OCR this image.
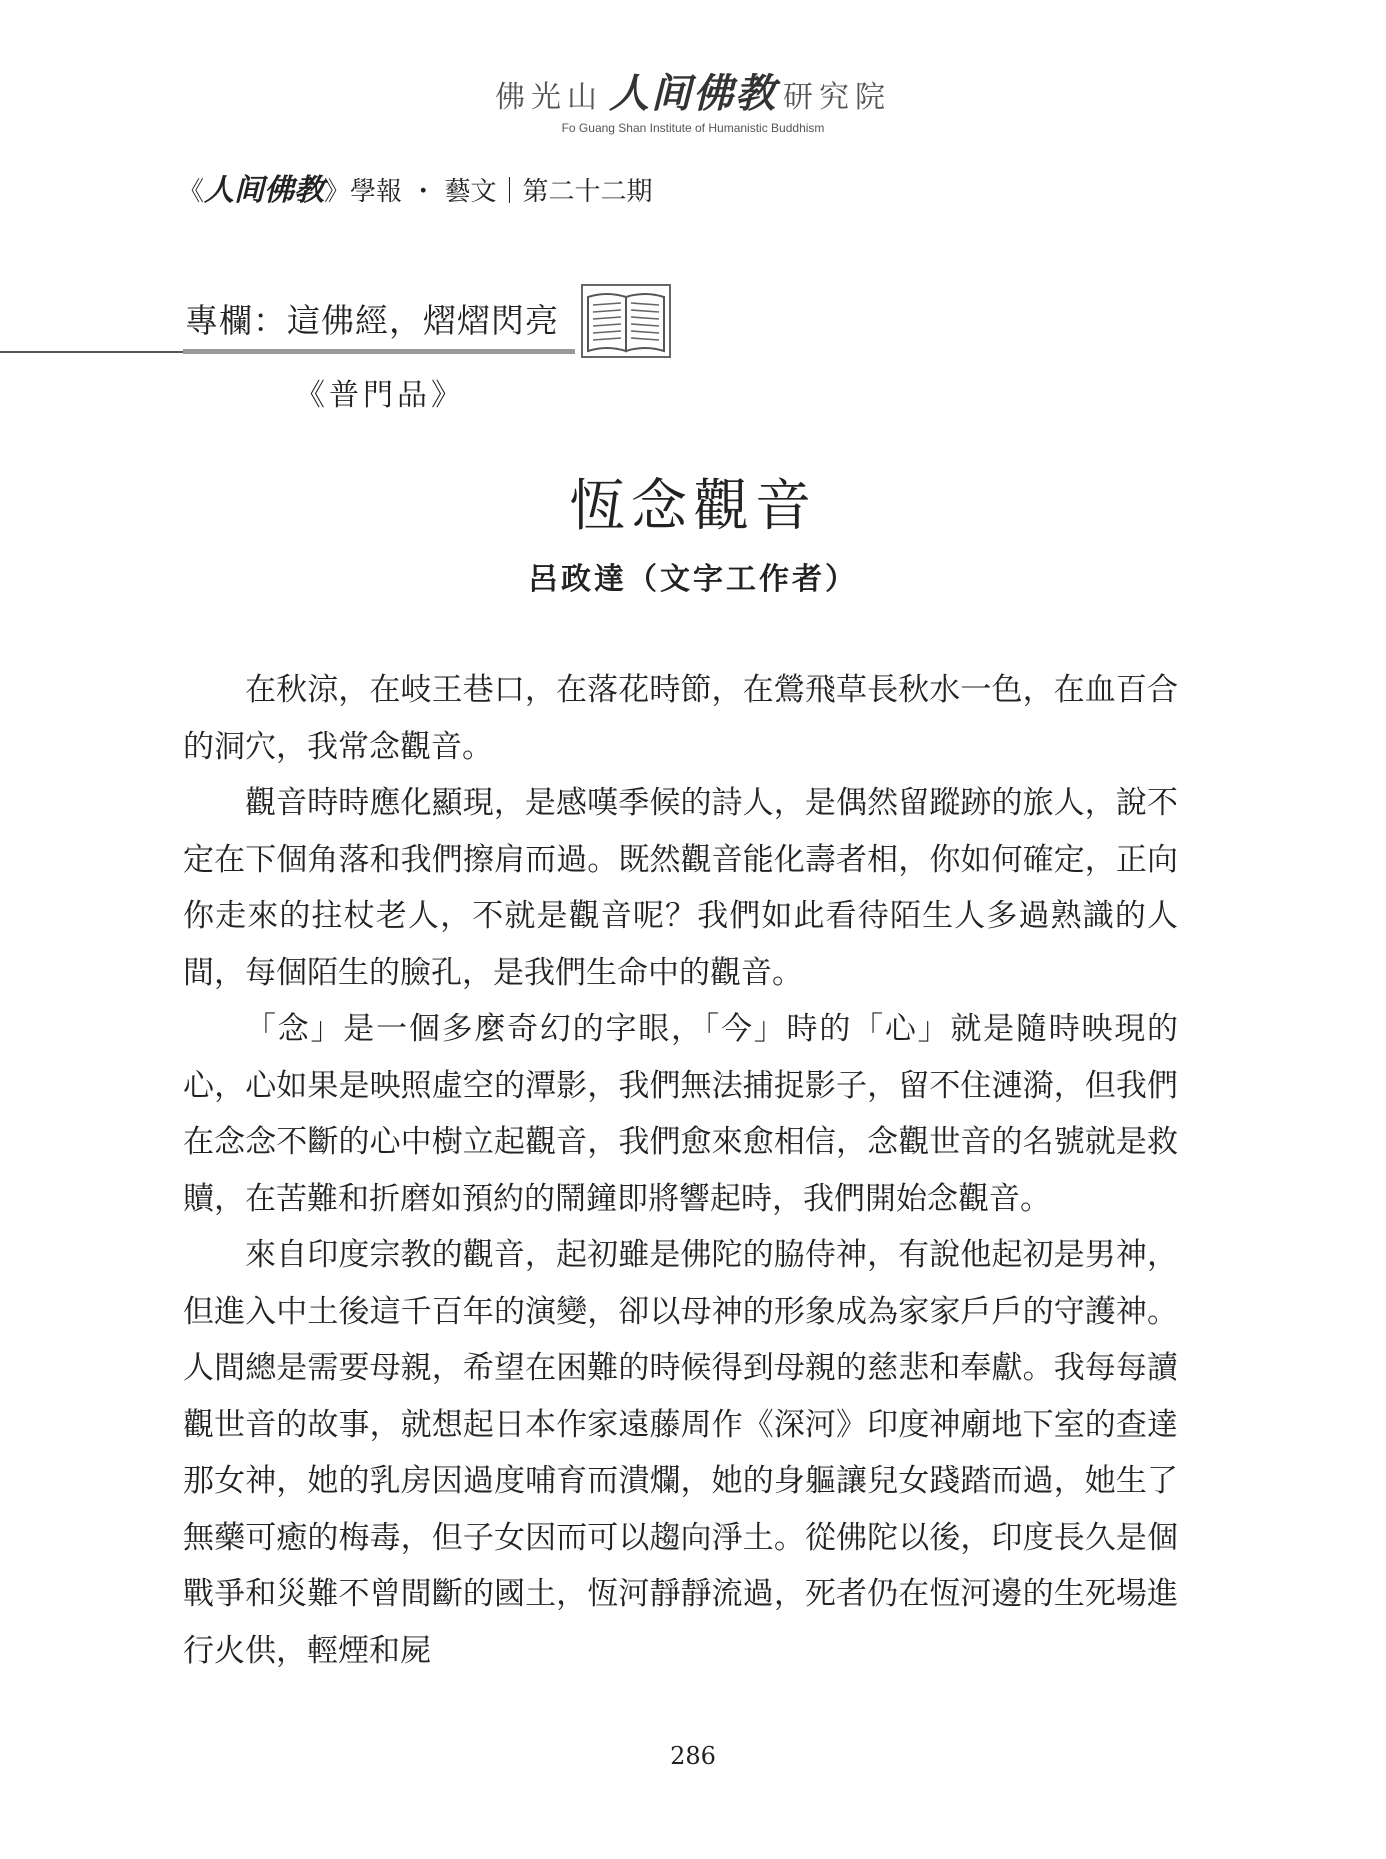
佛光山 人间佛教 研究院
Fo Guang Shan Institute of Humanistic Buddhism
《人间佛教》學報 ・ 藝文｜第二十二期
專欄：這佛經，熠熠閃亮
《普門品》
恆念觀音
呂政達（文字工作者）

在秋涼，在岐王巷口，在落花時節，在鶯飛草長秋水一色，在血百合的洞穴，我常念觀音。

觀音時時應化顯現，是感嘆季候的詩人，是偶然留蹤跡的旅人，說不定在下個角落和我們擦肩而過。既然觀音能化壽者相，你如何確定，正向你走來的拄杖老人，不就是觀音呢？我們如此看待陌生人多過熟識的人間，每個陌生的臉孔，是我們生命中的觀音。

「念」是一個多麼奇幻的字眼，「今」時的「心」就是隨時映現的心，心如果是映照虛空的潭影，我們無法捕捉影子，留不住漣漪，但我們在念念不斷的心中樹立起觀音，我們愈來愈相信，念觀世音的名號就是救贖，在苦難和折磨如預約的鬧鐘即將響起時，我們開始念觀音。

來自印度宗教的觀音，起初雖是佛陀的脇侍神，有說他起初是男神，但進入中土後這千百年的演變，卻以母神的形象成為家家戶戶的守護神。人間總是需要母親，希望在困難的時候得到母親的慈悲和奉獻。我每每讀觀世音的故事，就想起日本作家遠藤周作《深河》印度神廟地下室的查達那女神，她的乳房因過度哺育而潰爛，她的身軀讓兒女踐踏而過，她生了無藥可癒的梅毒，但子女因而可以趨向淨土。從佛陀以後，印度長久是個戰爭和災難不曾間斷的國土，恆河靜靜流過，死者仍在恆河邊的生死場進行火供，輕煙和屍

286
